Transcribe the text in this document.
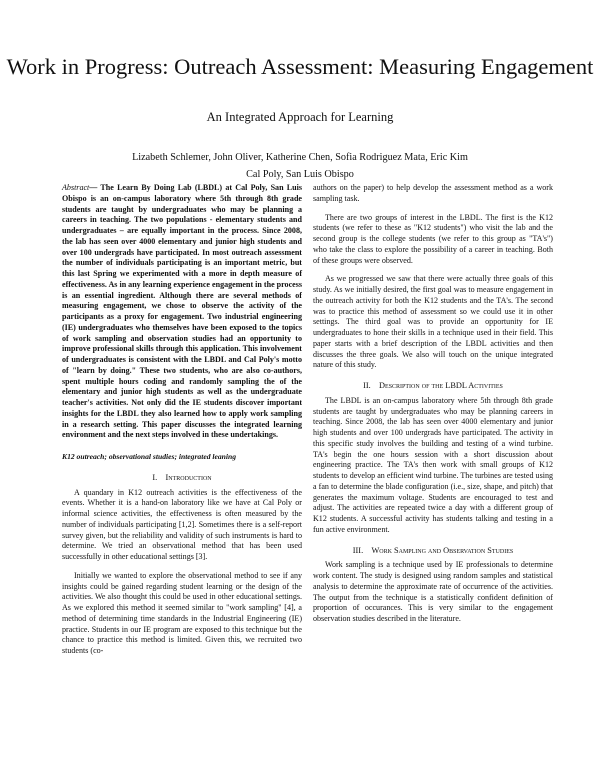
Work in Progress: Outreach Assessment: Measuring Engagement
An Integrated Approach for Learning
Lizabeth Schlemer, John Oliver, Katherine Chen, Sofia Rodriguez Mata, Eric Kim
Cal Poly, San Luis Obispo

Abstract— The Learn By Doing Lab (LBDL) at Cal Poly, San Luis Obispo is an on-campus laboratory where 5th through 8th grade students are taught by undergraduates who may be planning a careers in teaching. The two populations - elementary students and undergraduates – are equally important in the process. Since 2008, the lab has seen over 4000 elementary and junior high students and over 100 undergrads have participated. In most outreach assessment the number of individuals participating is an important metric, but this last Spring we experimented with a more in depth measure of effectiveness. As in any learning experience engagement in the process is an essential ingredient. Although there are several methods of measuring engagement, we chose to observe the activity of the participants as a proxy for engagement. Two industrial engineering (IE) undergraduates who themselves have been exposed to the topics of work sampling and observation studies had an opportunity to improve professional skills through this application. This involvement of undergraduates is consistent with the LBDL and Cal Poly's motto of "learn by doing." These two students, who are also co-authors, spent multiple hours coding and randomly sampling the of the elementary and junior high students as well as the undergraduate teacher's activities. Not only did the IE students discover important insights for the LBDL they also learned how to apply work sampling in a research setting. This paper discusses the integrated learning environment and the next steps involved in these undertakings.

K12 outreach; observational studies; integrated leaning

I. Introduction

A quandary in K12 outreach activities is the effectiveness of the events. Whether it is a hand-on laboratory like we have at Cal Poly or informal science activities, the effectiveness is often measured by the number of individuals participating [1,2]. Sometimes there is a self-report survey given, but the reliability and validity of such instruments is hard to determine. We tried an observational method that has been used successfully in other educational settings [3].

Initially we wanted to explore the observational method to see if any insights could be gained regarding student learning or the design of the activities. We also thought this could be used in other educational settings. As we explored this method it seemed similar to "work sampling" [4], a method of determining time standards in the Industrial Engineering (IE) practice. Students in our IE program are exposed to this technique but the chance to practice this method is limited. Given this, we recruited two students (co-

authors on the paper) to help develop the assessment method as a work sampling task.

There are two groups of interest in the LBDL. The first is the K12 students (we refer to these as "K12 students") who visit the lab and the second group is the college students (we refer to this group as "TA's") who take the class to explore the possibility of a career in teaching. Both of these groups were observed.

As we progressed we saw that there were actually three goals of this study. As we initially desired, the first goal was to measure engagement in the outreach activity for both the K12 students and the TA's. The second was to practice this method of assessment so we could use it in other settings. The third goal was to provide an opportunity for IE undergraduates to hone their skills in a technique used in their field. This paper starts with a brief description of the LBDL activities and then discusses the three goals. We also will touch on the unique integrated nature of this study.

II. Description of the LBDL Activities

The LBDL is an on-campus laboratory where 5th through 8th grade students are taught by undergraduates who may be planning careers in teaching. Since 2008, the lab has seen over 4000 elementary and junior high students and over 100 undergrads have participated. The activity in this specific study involves the building and testing of a wind turbine. TA's begin the one hours session with a short discussion about engineering practice. The TA's then work with small groups of K12 students to develop an efficient wind turbine. The turbines are tested using a fan to determine the blade configuration (i.e., size, shape, and pitch) that generates the maximum voltage. Students are encouraged to test and adjust. The activities are repeated twice a day with a different group of K12 students. A successful activity has students talking and testing in a fun active environment.

III. Work Sampling and Observation Studies

Work sampling is a technique used by IE professionals to determine work content. The study is designed using random samples and statistical analysis to determine the approximate rate of occurrence of the activities. The output from the technique is a statistically confident definition of proportion of occurances. This is very similar to the engagement observation studies described in the literature.
